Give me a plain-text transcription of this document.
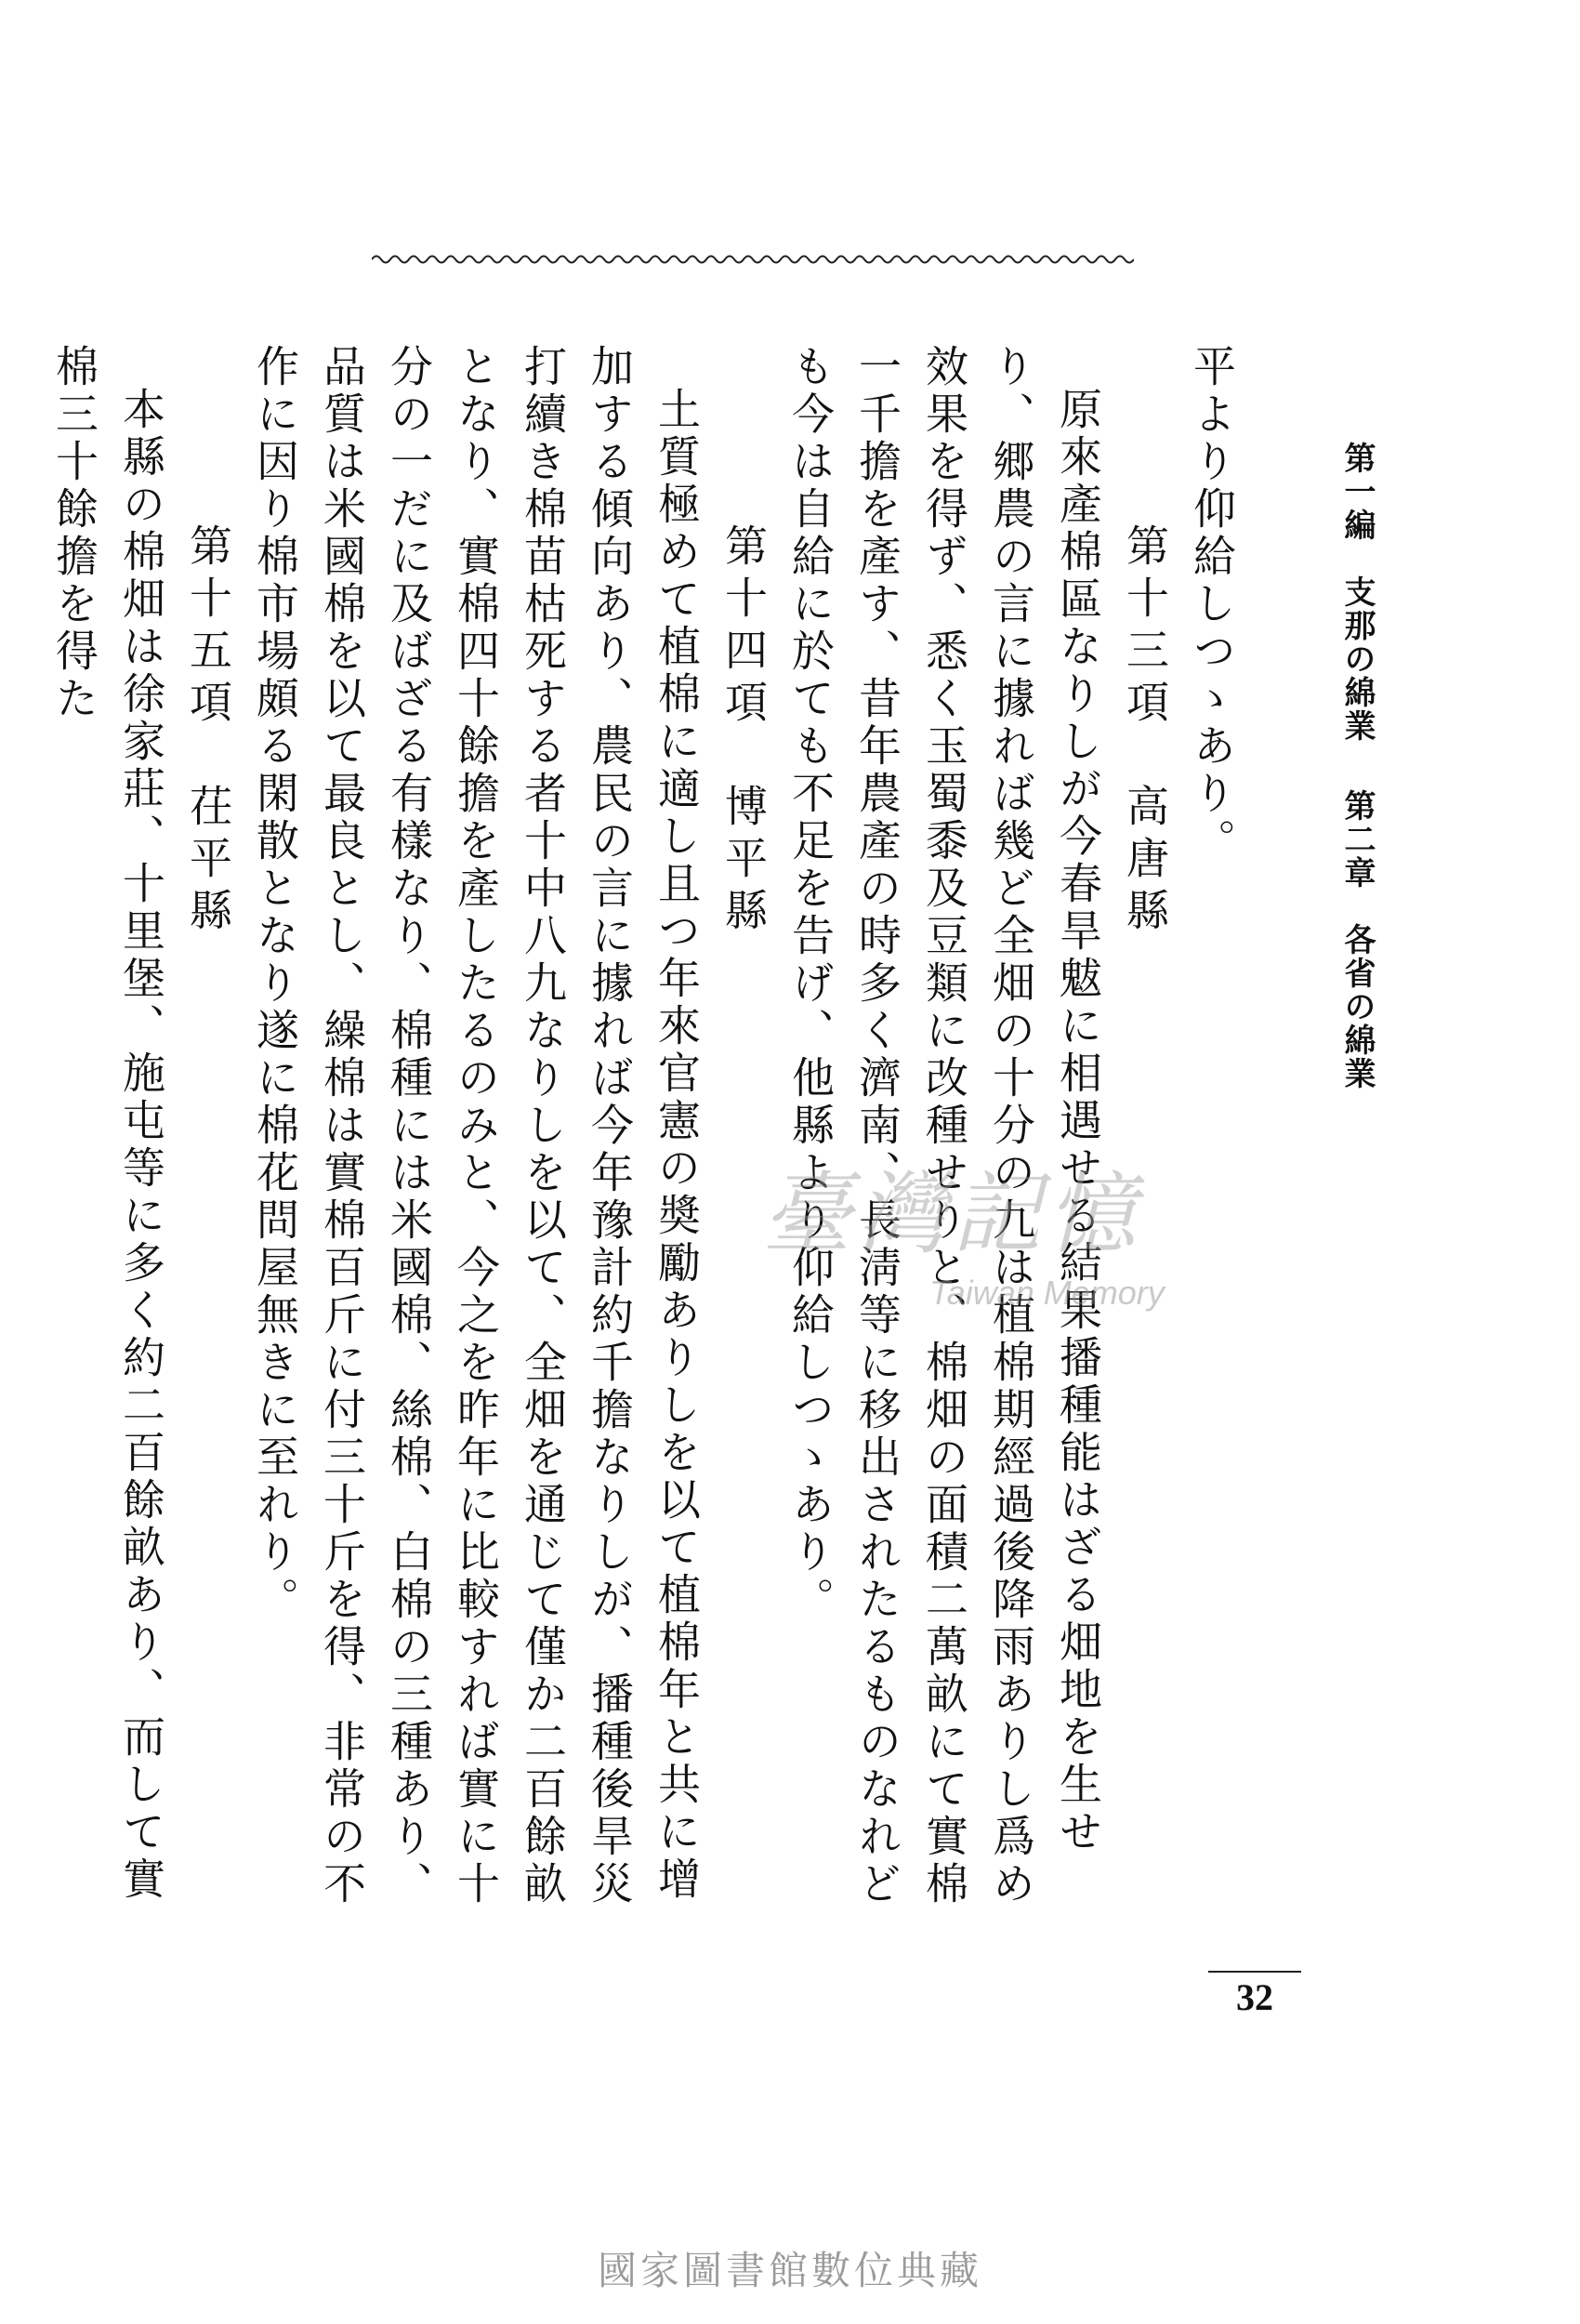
第一編　支那の綿業第二章　各省の綿業

平より仰給しつゝあり。

第十三項　高唐縣

原來產棉區なりしが今春旱魃に相遇せる結果播種能はざる畑地を生せり、郷農の言に據れば幾ど全畑の十分の九は植棉期經過後降雨ありし爲め效果を得ず、悉く玉蜀黍及豆類に改種せりと、棉畑の面積二萬畝にて實棉一千擔を產す、昔年農產の時多く濟南、長淸等に移出されたるものなれども今は自給に於ても不足を告げ、他縣より仰給しつゝあり。

第十四項　博平縣

土質極めて植棉に適し且つ年來官憲の奬勵ありしを以て植棉年と共に增加する傾向あり、農民の言に據れば今年豫計約千擔なりしが、播種後旱災打續き棉苗枯死する者十中八九なりしを以て、全畑を通じて僅か二百餘畝となり、實棉四十餘擔を產したるのみと、今之を昨年に比較すれば實に十分の一だに及ばざる有樣なり、棉種には米國棉、絲棉、白棉の三種あり、品質は米國棉を以て最良とし、繰棉は實棉百斤に付三十斤を得、非常の不作に因り棉市場頗る閑散となり遂に棉花問屋無きに至れり。

第十五項　茌平縣

本縣の棉畑は徐家莊、十里堡、施屯等に多く約二百餘畝あり、而して實棉三十餘擔を得た

32
臺灣記憶
Taiwan Memory
國家圖書館數位典藏
